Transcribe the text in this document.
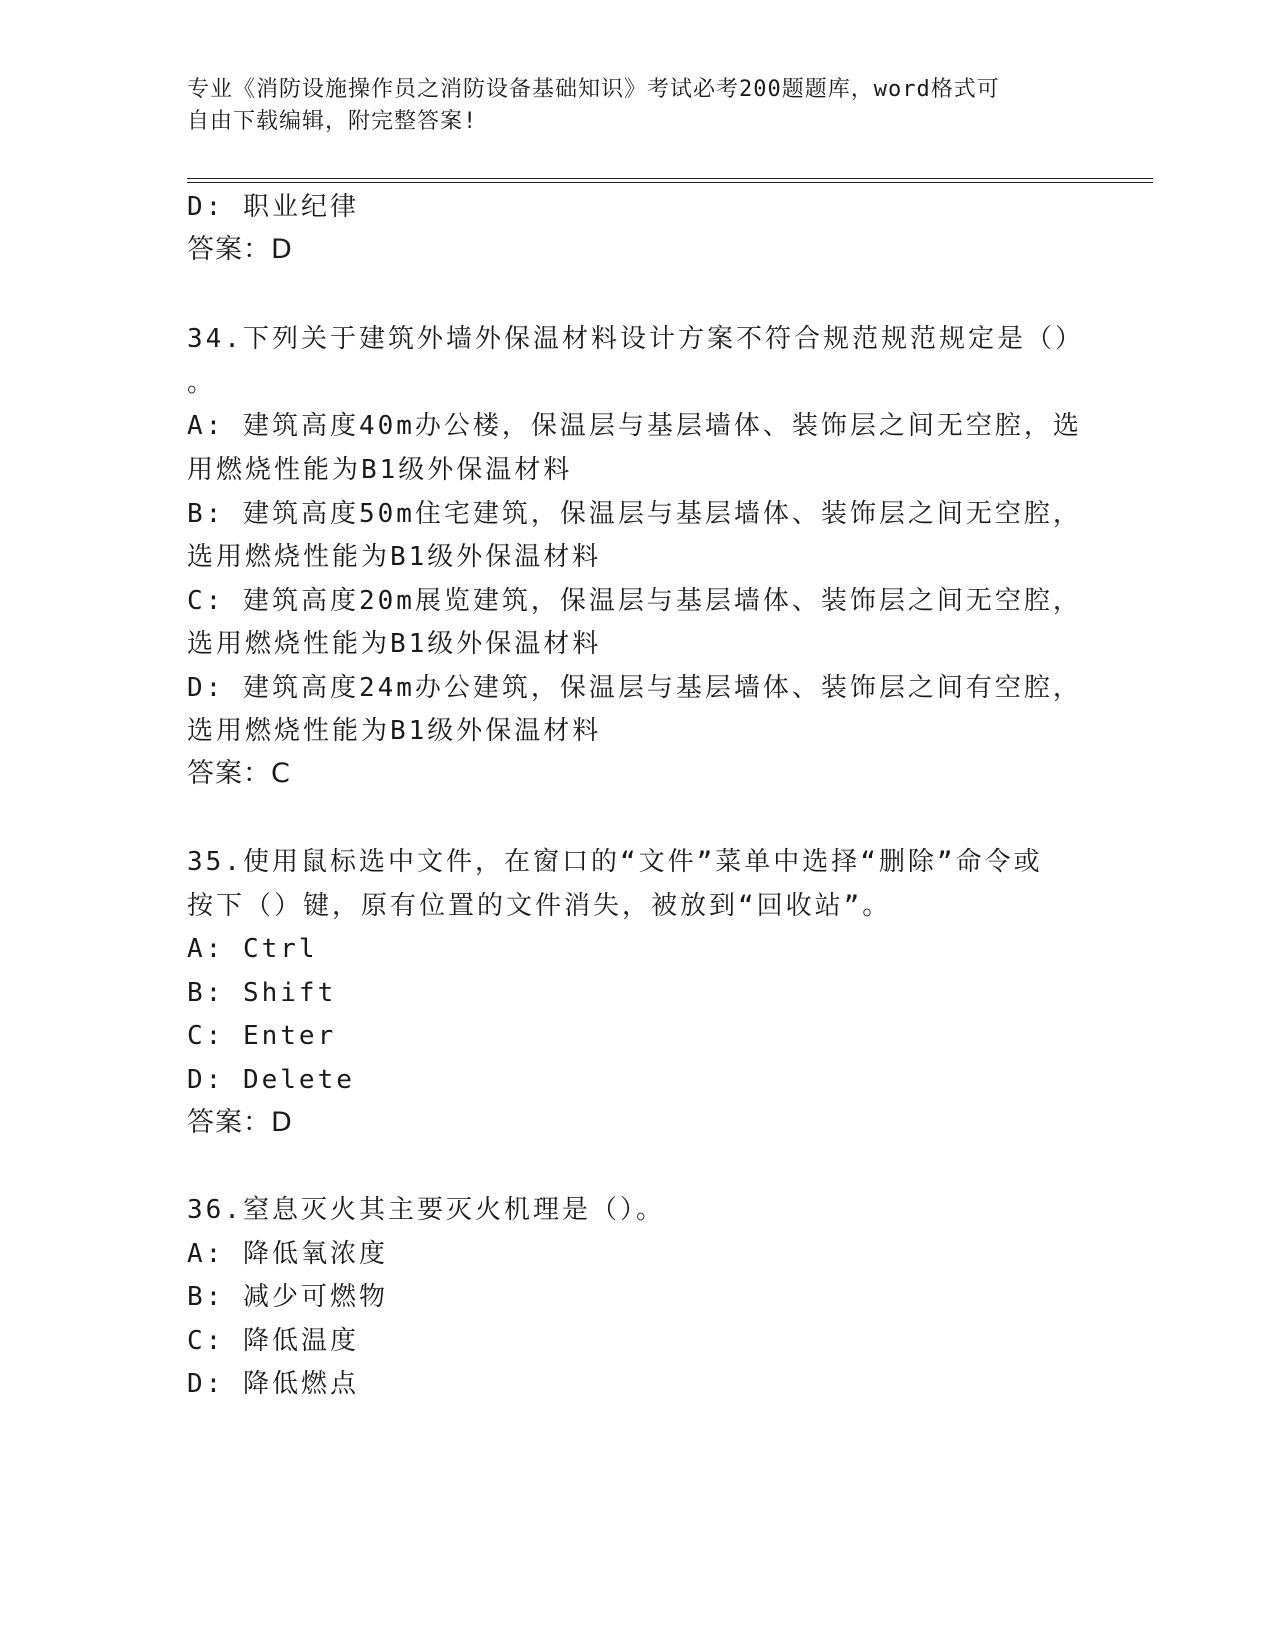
专业《消防设施操作员之消防设备基础知识》考试必考200题题库，word格式可
自由下载编辑，附完整答案!
D: 职业纪律
答案：D
34.下列关于建筑外墙外保温材料设计方案不符合规范规范规定是（）
。
A: 建筑高度40m办公楼，保温层与基层墙体、装饰层之间无空腔，选
用燃烧性能为B1级外保温材料
B: 建筑高度50m住宅建筑，保温层与基层墙体、装饰层之间无空腔，
选用燃烧性能为B1级外保温材料
C: 建筑高度20m展览建筑，保温层与基层墙体、装饰层之间无空腔，
选用燃烧性能为B1级外保温材料
D: 建筑高度24m办公建筑，保温层与基层墙体、装饰层之间有空腔，
选用燃烧性能为B1级外保温材料
答案：C
35.使用鼠标选中文件，在窗口的“文件”菜单中选择“删除”命令或
按下（）键，原有位置的文件消失，被放到“回收站”。
A: Ctrl
B: Shift
C: Enter
D: Delete
答案：D
36.窒息灭火其主要灭火机理是（）。
A: 降低氧浓度
B: 减少可燃物
C: 降低温度
D: 降低燃点
